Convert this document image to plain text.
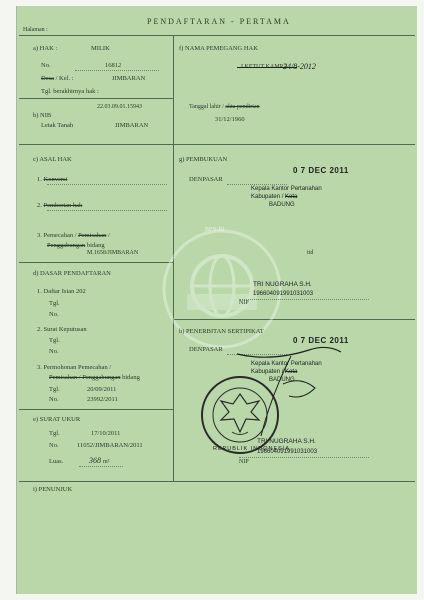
PENDAFTARAN - PERTAMA
Halaman :
BPN-RI
a) HAK :	MILIK
No.	16812
Desa / Kel. :	JIMBARAN
Tgl. berakhirnya hak :
22.03.09.01.15943
b) NIB
Letak Tanah	JIMBARAN
c) ASAL HAK
1. Konversi
2. Pemberian hak
3. Pemecahan / Pemisahan /
Penggabungan bidang
M.1658/JIMBARAN
d) DASAR PENDAFTARAN
1. Daftar Isian 202
Tgl.
No.
2. Surat Keputusan
Tgl.
No.
3. Permohonan Pemecahan /
Pemisahan / Penggabungan bidang
Tgl.	20/09/2011
No.	23992/2011
e) SURAT UKUR
Tgl.	17/10/2011
No.	11052/JIMBARAN/2011
Luas.	368 m²
f) NAMA PEMEGANG HAK
24/8-2012
Tanggal lahir / akta pendirian
31/12/1960
g) PEMBUKUAN
0 7 DEC 2011
DENPASAR
Kepala Kantor Pertanahan
Kabupaten / Kota
BADUNG
ttd
TRI NUGRAHA S.H.
196604091991031003
NIP
h) PENERBITAN SERTIPIKAT
0 7 DEC 2011
DENPASAR
Kepala Kantor Pertanahan
Kabupaten / Kota
BADUNG
REPUBLIK INDONESIA
TRI NUGRAHA S.H.
196604091991031003
NIP
i) PENUNJUK
